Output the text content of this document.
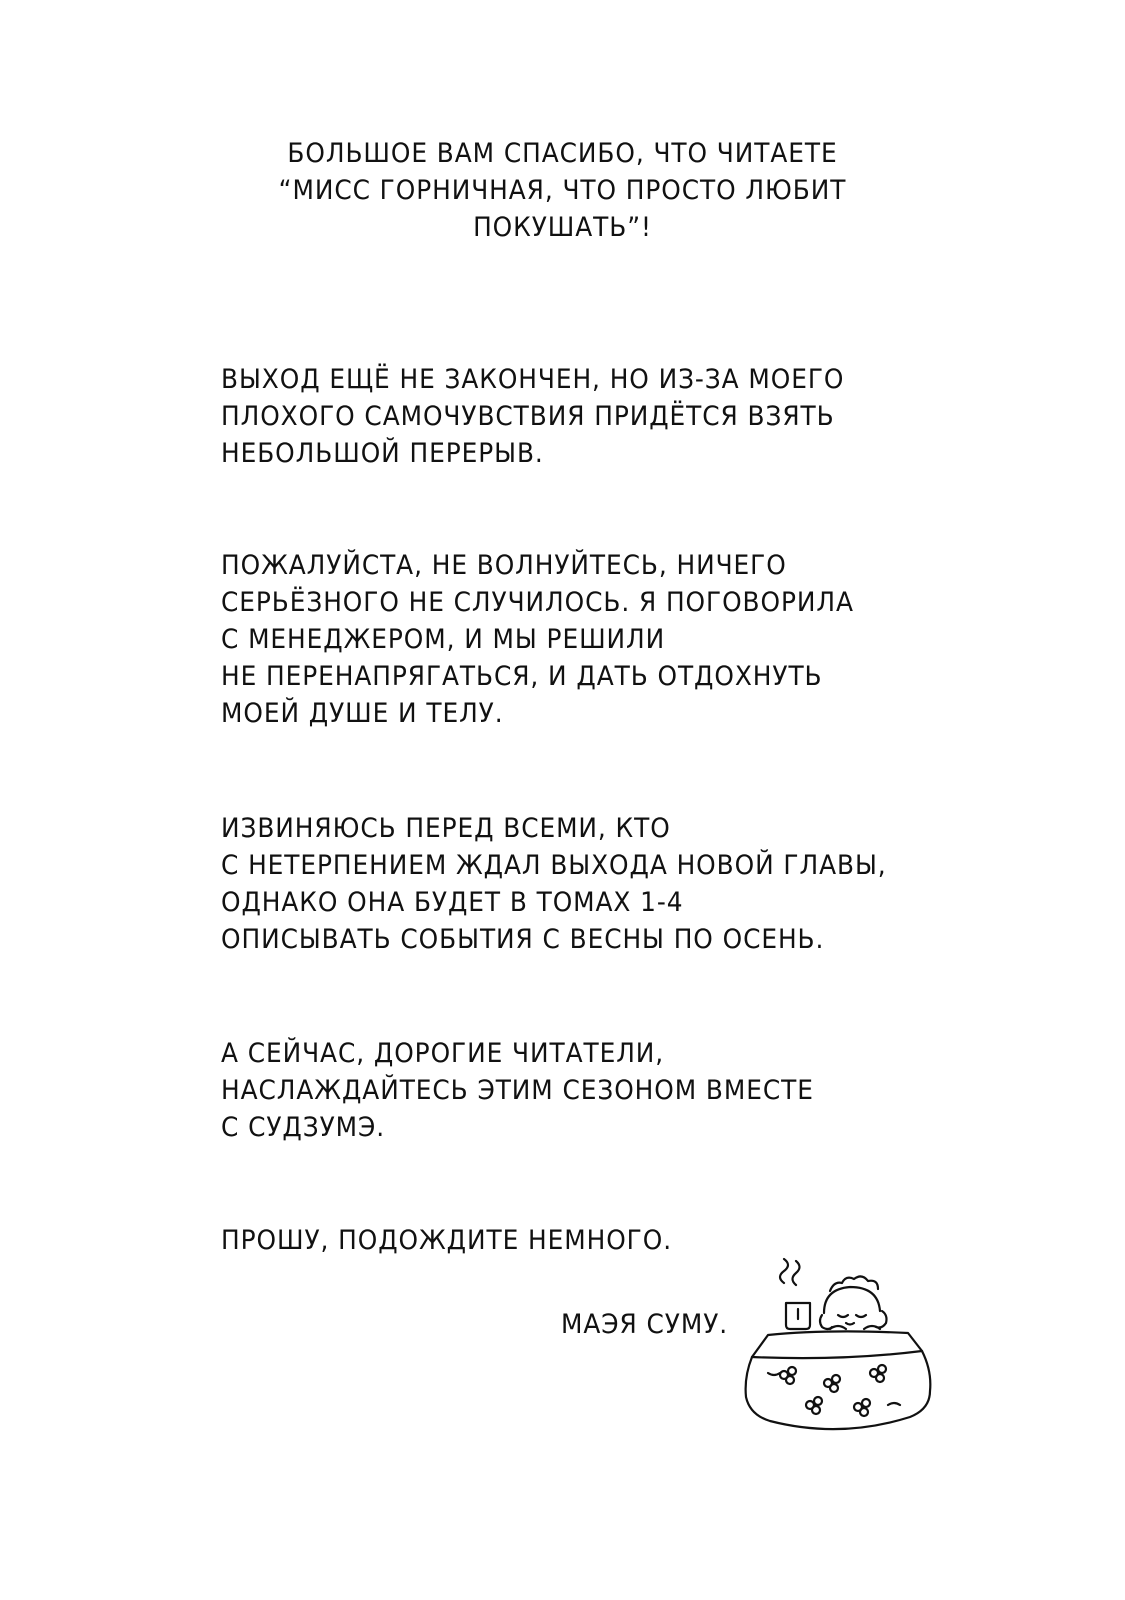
БОЛЬШОЕ ВАМ СПАСИБО, ЧТО ЧИТАЕТЕ
“МИСС ГОРНИЧНАЯ, ЧТО ПРОСТО ЛЮБИТ
ПОКУШАТЬ”!
ВЫХОД ЕЩЁ НЕ ЗАКОНЧЕН, НО ИЗ-ЗА МОЕГО
ПЛОХОГО САМОЧУВСТВИЯ ПРИДЁТСЯ ВЗЯТЬ
НЕБОЛЬШОЙ ПЕРЕРЫВ.
ПОЖАЛУЙСТА, НЕ ВОЛНУЙТЕСЬ, НИЧЕГО
СЕРЬЁЗНОГО НЕ СЛУЧИЛОСЬ. Я ПОГОВОРИЛА
С МЕНЕДЖЕРОМ, И МЫ РЕШИЛИ
НЕ ПЕРЕНАПРЯГАТЬСЯ, И ДАТЬ ОТДОХНУТЬ
МОЕЙ ДУШЕ И ТЕЛУ.
ИЗВИНЯЮСЬ ПЕРЕД ВСЕМИ, КТО
С НЕТЕРПЕНИЕМ ЖДАЛ ВЫХОДА НОВОЙ ГЛАВЫ,
ОДНАКО ОНА БУДЕТ В ТОМАХ 1-4
ОПИСЫВАТЬ СОБЫТИЯ С ВЕСНЫ ПО ОСЕНЬ.
А СЕЙЧАС, ДОРОГИЕ ЧИТАТЕЛИ,
НАСЛАЖДАЙТЕСЬ ЭТИМ СЕЗОНОМ ВМЕСТЕ
С СУДЗУМЭ.
ПРОШУ, ПОДОЖДИТЕ НЕМНОГО.
МАЭЯ СУМУ.
